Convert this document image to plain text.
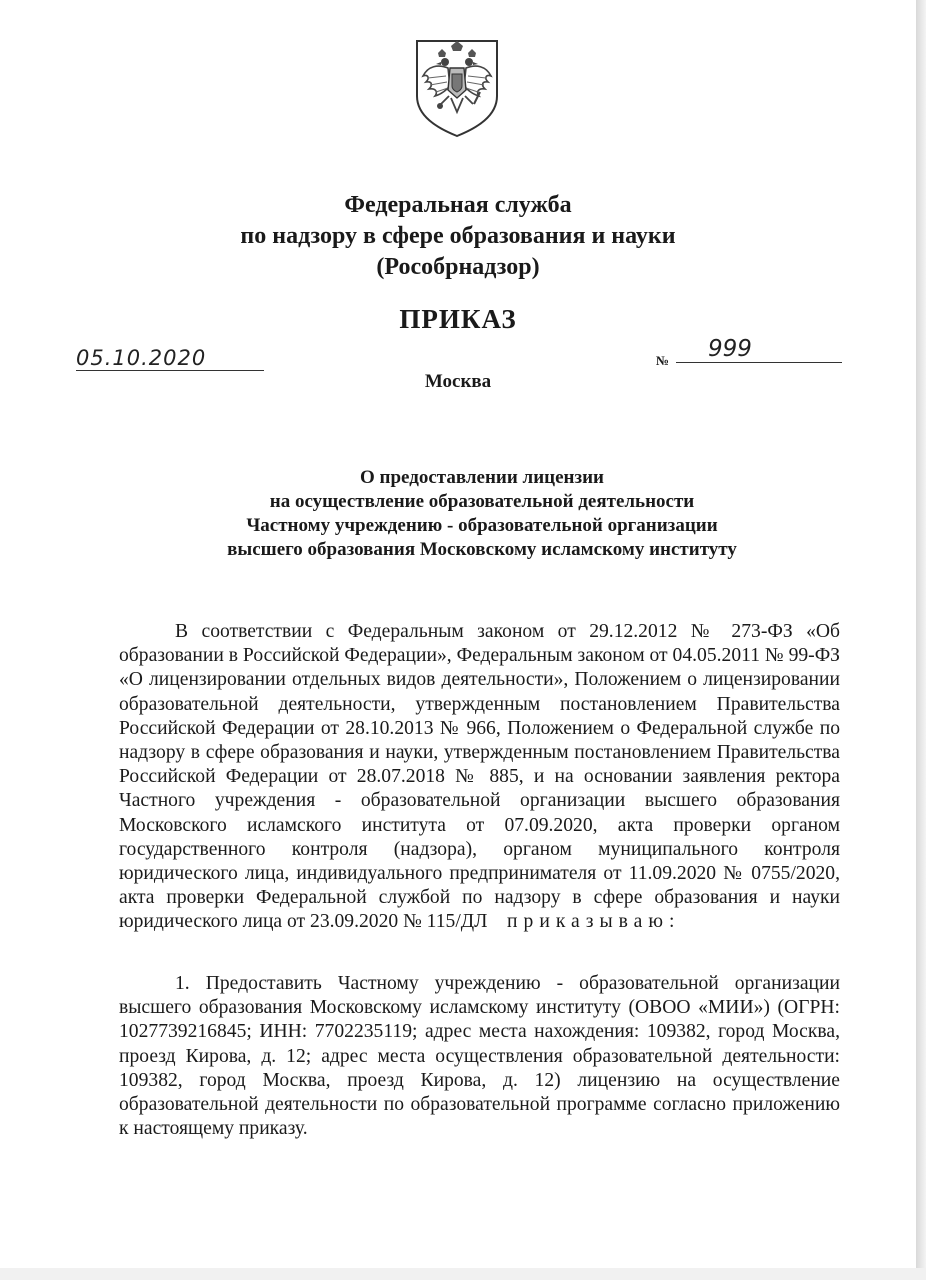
Федеральная служба
по надзору в сфере образования и науки
(Рособрнадзор)
ПРИКАЗ
05.10.2020	№ 999
Москва
О предоставлении лицензии
на осуществление образовательной деятельности
Частному учреждению - образовательной организации
высшего образования Московскому исламскому институту
В соответствии с Федеральным законом от 29.12.2012 № 273-ФЗ «Об образовании в Российской Федерации», Федеральным законом от 04.05.2011 № 99-ФЗ «О лицензировании отдельных видов деятельности», Положением о лицензировании образовательной деятельности, утвержденным постановлением Правительства Российской Федерации от 28.10.2013 № 966, Положением о Федеральной службе по надзору в сфере образования и науки, утвержденным постановлением Правительства Российской Федерации от 28.07.2018 № 885, и на основании заявления ректора Частного учреждения - образовательной организации высшего образования Московского исламского института от 07.09.2020, акта проверки органом государственного контроля (надзора), органом муниципального контроля юридического лица, индивидуального предпринимателя от 11.09.2020 № 0755/2020, акта проверки Федеральной службой по надзору в сфере образования и науки юридического лица от 23.09.2020 № 115/ДЛ приказываю:
1. Предоставить Частному учреждению - образовательной организации высшего образования Московскому исламскому институту (ОВОО «МИИ») (ОГРН: 1027739216845; ИНН: 7702235119; адрес места нахождения: 109382, город Москва, проезд Кирова, д. 12; адрес места осуществления образовательной деятельности: 109382, город Москва, проезд Кирова, д. 12) лицензию на осуществление образовательной деятельности по образовательной программе согласно приложению к настоящему приказу.
